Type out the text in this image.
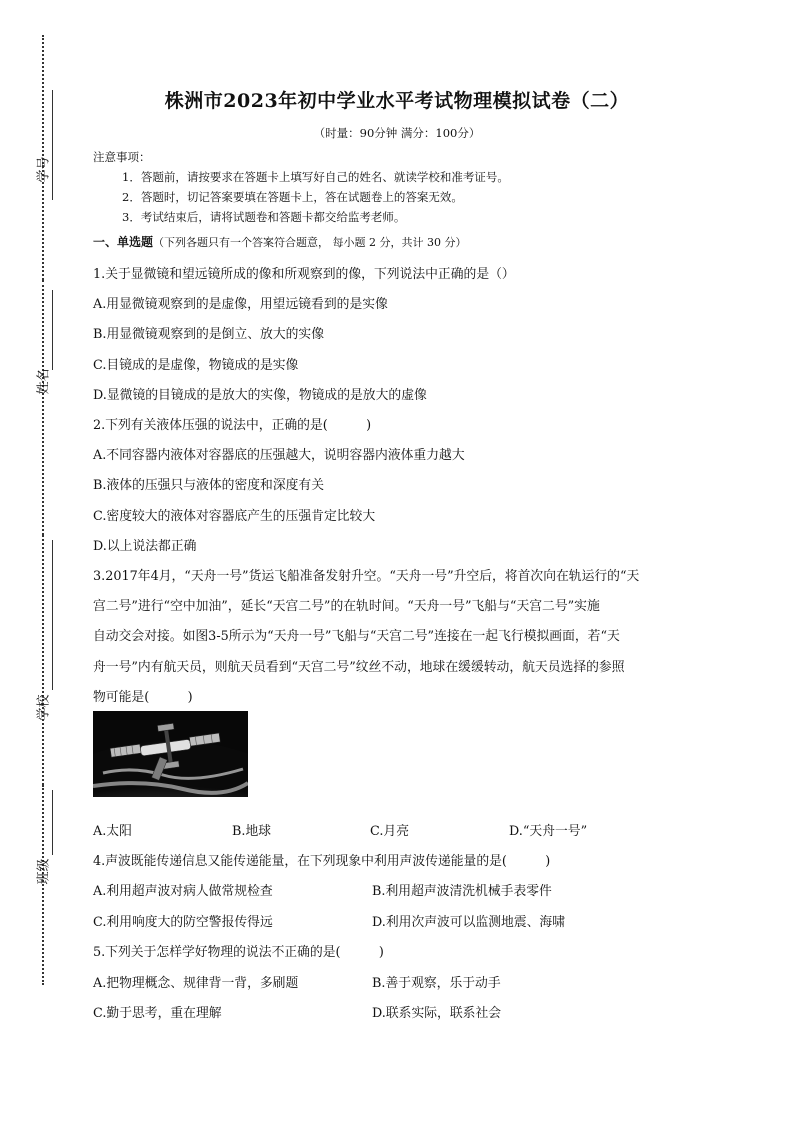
学号
姓名
学校
班级
株洲市2023年初中学业水平考试物理模拟试卷（二）
（时量：90分钟 满分：100分）
注意事项：
1．答题前，请按要求在答题卡上填写好自己的姓名、就读学校和准考证号。
2．答题时，切记答案要填在答题卡上，答在试题卷上的答案无效。
3．考试结束后，请将试题卷和答题卡都交给监考老师。
一、单选题（下列各题只有一个答案符合题意， 每小题 2 分，共计 30 分）
1.关于显微镜和望远镜所成的像和所观察到的像，下列说法中正确的是（）
A.用显微镜观察到的是虚像，用望远镜看到的是实像
B.用显微镜观察到的是倒立、放大的实像
C.目镜成的是虚像，物镜成的是实像
D.显微镜的目镜成的是放大的实像，物镜成的是放大的虚像
2.下列有关液体压强的说法中，正确的是(　　　)
A.不同容器内液体对容器底的压强越大，说明容器内液体重力越大
B.液体的压强只与液体的密度和深度有关
C.密度较大的液体对容器底产生的压强肯定比较大
D.以上说法都正确
3.2017年4月，“天舟一号”货运飞船准备发射升空。“天舟一号”升空后，将首次向在轨运行的“天
宫二号”进行“空中加油”，延长“天宫二号”的在轨时间。“天舟一号”飞船与“天宫二号”实施
自动交会对接。如图3-5所示为“天舟一号”飞船与“天宫二号”连接在一起飞行模拟画面，若“天
舟一号”内有航天员，则航天员看到“天宫二号”纹丝不动，地球在缓缓转动，航天员选择的参照
物可能是(　　　)
A.太阳	B.地球	C.月亮	D.“天舟一号”
4.声波既能传递信息又能传递能量，在下列现象中利用声波传递能量的是(　　　)
A.利用超声波对病人做常规检查	B.利用超声波清洗机械手表零件
C.利用响度大的防空警报传得远	D.利用次声波可以监测地震、海啸
5.下列关于怎样学好物理的说法不正确的是(　　　)
A.把物理概念、规律背一背，多刷题	B.善于观察，乐于动手
C.勤于思考，重在理解	D.联系实际，联系社会
